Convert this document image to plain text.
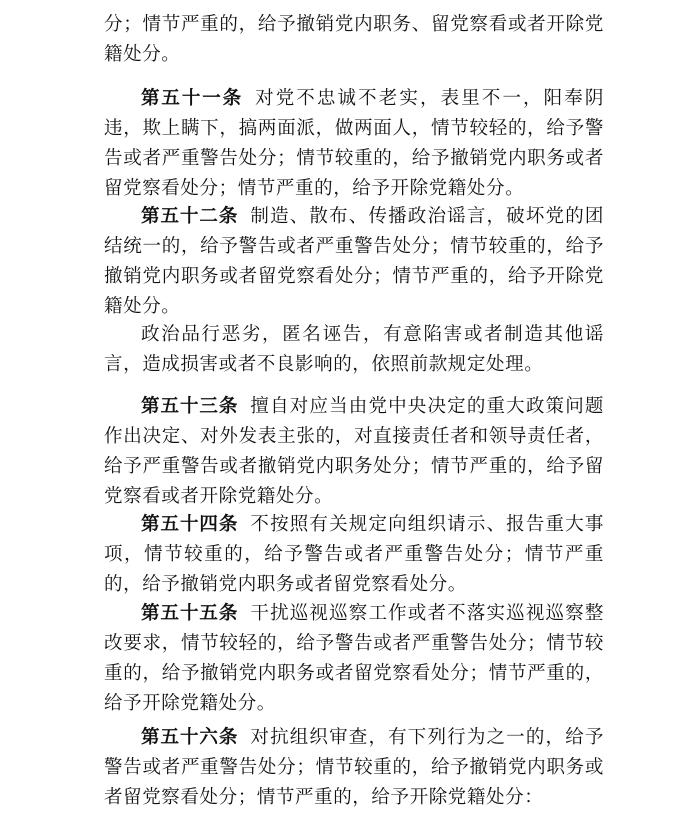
分；情节严重的，给予撤销党内职务、留党察看或者开除党籍处分。

第五十一条 对党不忠诚不老实，表里不一，阳奉阴违，欺上瞒下，搞两面派，做两面人，情节较轻的，给予警告或者严重警告处分；情节较重的，给予撤销党内职务或者留党察看处分；情节严重的，给予开除党籍处分。

第五十二条 制造、散布、传播政治谣言，破坏党的团结统一的，给予警告或者严重警告处分；情节较重的，给予撤销党内职务或者留党察看处分；情节严重的，给予开除党籍处分。

政治品行恶劣，匿名诬告，有意陷害或者制造其他谣言，造成损害或者不良影响的，依照前款规定处理。

第五十三条 擅自对应当由党中央决定的重大政策问题作出决定、对外发表主张的，对直接责任者和领导责任者，给予严重警告或者撤销党内职务处分；情节严重的，给予留党察看或者开除党籍处分。

第五十四条 不按照有关规定向组织请示、报告重大事项，情节较重的，给予警告或者严重警告处分；情节严重的，给予撤销党内职务或者留党察看处分。

第五十五条 干扰巡视巡察工作或者不落实巡视巡察整改要求，情节较轻的，给予警告或者严重警告处分；情节较重的，给予撤销党内职务或者留党察看处分；情节严重的，给予开除党籍处分。

第五十六条 对抗组织审查，有下列行为之一的，给予警告或者严重警告处分；情节较重的，给予撤销党内职务或者留党察看处分；情节严重的，给予开除党籍处分：
